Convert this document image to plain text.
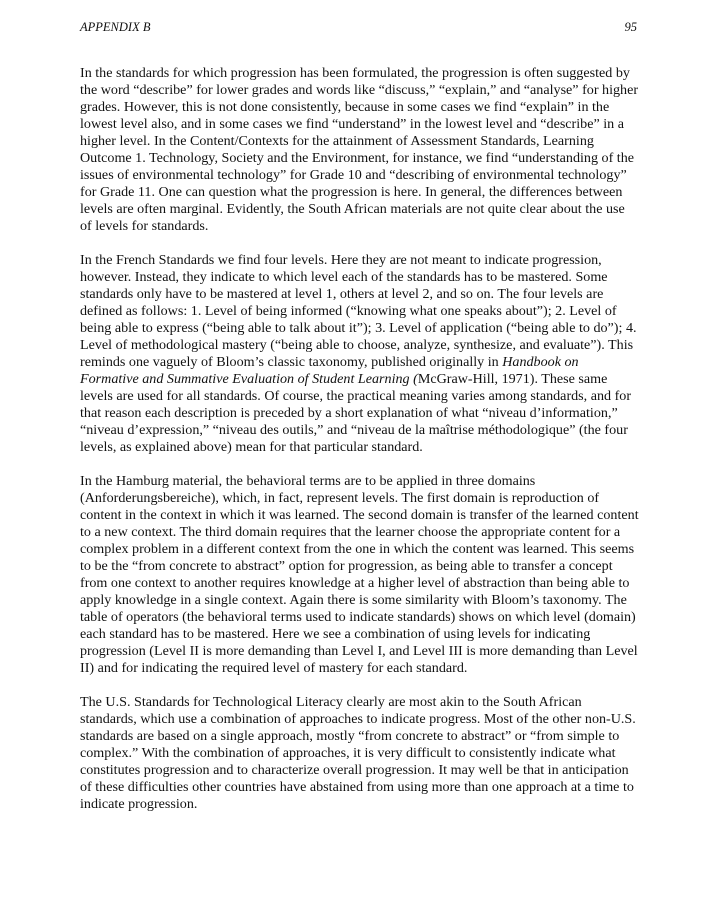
APPENDIX B	95

In the standards for which progression has been formulated, the progression is often suggested by the word “describe” for lower grades and words like “discuss,” “explain,” and “analyse” for higher grades. However, this is not done consistently, because in some cases we find “explain” in the lowest level also, and in some cases we find “understand” in the lowest level and “describe” in a higher level. In the Content/Contexts for the attainment of Assessment Standards, Learning Outcome 1. Technology, Society and the Environment, for instance, we find “understanding of the issues of environmental technology” for Grade 10 and “describing of environmental technology” for Grade 11. One can question what the progression is here. In general, the differences between levels are often marginal. Evidently, the South African materials are not quite clear about the use of levels for standards.

In the French Standards we find four levels. Here they are not meant to indicate progression, however. Instead, they indicate to which level each of the standards has to be mastered. Some standards only have to be mastered at level 1, others at level 2, and so on. The four levels are defined as follows: 1. Level of being informed (“knowing what one speaks about”); 2. Level of being able to express (“being able to talk about it”); 3. Level of application (“being able to do”); 4. Level of methodological mastery (“being able to choose, analyze, synthesize, and evaluate”). This reminds one vaguely of Bloom’s classic taxonomy, published originally in Handbook on Formative and Summative Evaluation of Student Learning (McGraw-Hill, 1971). These same levels are used for all standards. Of course, the practical meaning varies among standards, and for that reason each description is preceded by a short explanation of what “niveau d’information,” “niveau d’expression,” “niveau des outils,” and “niveau de la maîtrise méthodologique” (the four levels, as explained above) mean for that particular standard.

In the Hamburg material, the behavioral terms are to be applied in three domains (Anforderungsbereiche), which, in fact, represent levels. The first domain is reproduction of content in the context in which it was learned. The second domain is transfer of the learned content to a new context. The third domain requires that the learner choose the appropriate content for a complex problem in a different context from the one in which the content was learned. This seems to be the “from concrete to abstract” option for progression, as being able to transfer a concept from one context to another requires knowledge at a higher level of abstraction than being able to apply knowledge in a single context. Again there is some similarity with Bloom’s taxonomy. The table of operators (the behavioral terms used to indicate standards) shows on which level (domain) each standard has to be mastered. Here we see a combination of using levels for indicating progression (Level II is more demanding than Level I, and Level III is more demanding than Level II) and for indicating the required level of mastery for each standard.

The U.S. Standards for Technological Literacy clearly are most akin to the South African standards, which use a combination of approaches to indicate progress. Most of the other non-U.S. standards are based on a single approach, mostly “from concrete to abstract” or “from simple to complex.” With the combination of approaches, it is very difficult to consistently indicate what constitutes progression and to characterize overall progression. It may well be that in anticipation of these difficulties other countries have abstained from using more than one approach at a time to indicate progression.
